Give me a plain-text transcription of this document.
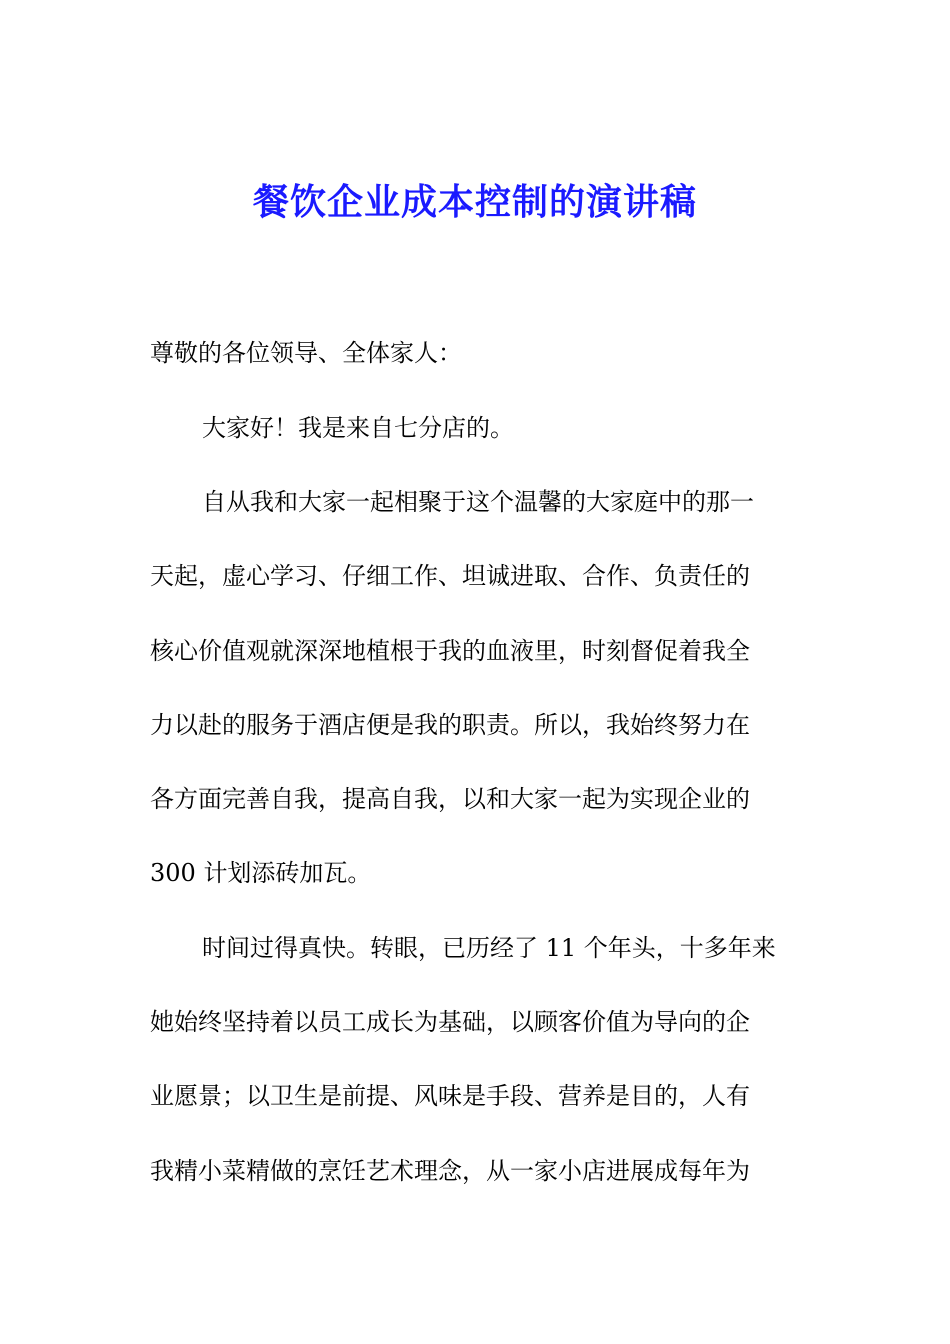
餐饮企业成本控制的演讲稿

尊敬的各位领导、全体家人：

大家好！我是来自七分店的。

自从我和大家一起相聚于这个温馨的大家庭中的那一

天起，虚心学习、仔细工作、坦诚进取、合作、负责任的

核心价值观就深深地植根于我的血液里，时刻督促着我全

力以赴的服务于酒店便是我的职责。所以，我始终努力在

各方面完善自我，提高自我，以和大家一起为实现企业的

300 计划添砖加瓦。

时间过得真快。转眼，已历经了 11 个年头，十多年来

她始终坚持着以员工成长为基础，以顾客价值为导向的企

业愿景；以卫生是前提、风味是手段、营养是目的，人有

我精小菜精做的烹饪艺术理念，从一家小店进展成每年为
